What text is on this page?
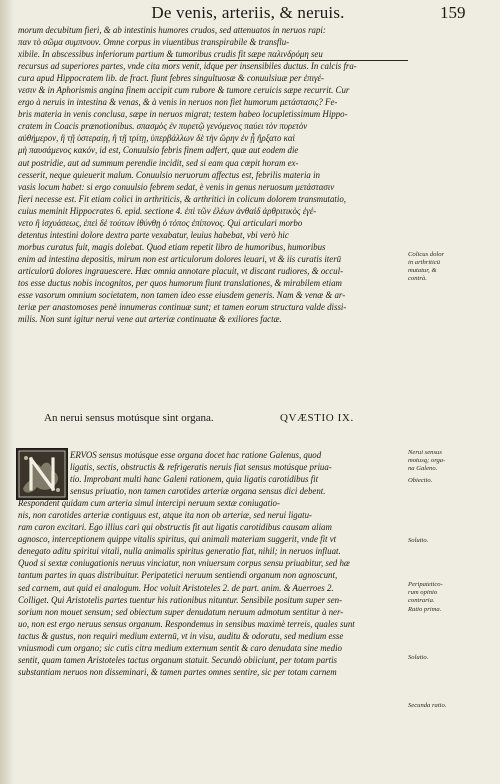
De venis, arteriis, & neruis.	159
morum decubitum fieri, & ab intestinis humores crudos, sed attenuatos in neruos rapi:
παν τὸ σῶμα συμπνουν. Omne corpus in viuentibus transpirabile & transflu-
xibile. In abscessibus inferiorum partium & tumoribus crudis fit sæpe παλινδρόμη seu
recursus ad superiores partes, vnde cita mors venit, idque per insensibiles ductus. In calcis fra-
cura apud Hippocratem lib. de fract. fiunt febres singultuosæ & conuulsiuæ per ἐπιγέ-
νεσιν & in Aphorismis angina finem accipit cum rubore & tumore ceruicis sæpe recurrit. Cur
ergo à neruis in intestina & venas, & à venis in neruos non fiet humorum μετάστασις? Fe-
bris materia in venis conclusa, sæpe in neruos migrat; testem habeo locupletissimum Hippo-
cratem in Coacis prænotionibus. σπασμὸς ἐν πυρετῷ γενόμενος παύει τὸν πυρετὸν
αὐθήμερον, ἢ τῇ ὑστεραίῃ, ἢ τῇ τρίτῃ, ὑπερβάλλων δὲ τὴν ὥρην ἐν ᾗ ἤρξατο καὶ
μὴ παυσάμενος κακόν, id est, Conuulsio febris finem adfert, quæ aut eodem die
aut postridie, aut ad summum perendie incidit, sed si eam qua cœpit horam ex-
cesserit, neque quieuerit malum. Conuulsio neruorum affectus est, febrilis materia in
vasis locum habet: si ergo conuulsio febrem sedat, è venis in genus neruosum μετάστασιν
fieri necesse est. Fit etiam colici in arthriticis, & arthritici in colicum dolorem transmutatio,
cuius meminit Hippocrates 6. epid. sectione 4. ἐπὶ τῶν ἐλέων ἀνθαἰδ ἀρθριτικὸς ἐγέ-
νετο ἢ ἰσχυάσεως, ἐπεὶ δὲ τούτων ἰθύνθῃ ὁ τόπος ἐπίπονος. Qui articulari morbo
detentus intestini dolore dextra parte vexabatur, leuius habebat, vbi verò hic
morbus curatus fuit, magis dolebat. Quod etiam repetit libro de humoribus, humoribus
enim ad intestina depositis, mirum non est articulorum dolores leuari, vt & iis curatis iterū
articulorū dolores ingrauescere. Hæc omnia annotare placuit, vt discant rudiores, & occul-
tos esse ductus nobis incognitos, per quos humorum fiunt translationes, & mirabilem etiam
esse vasorum omnium societatem, non tamen ideo esse eiusdem generis. Nam & venæ & ar-
teriæ per anastomoses penè innumeras continuæ sunt; et tamen eorum structura valde dissi-
milis. Non sunt igitur nerui vene aut arteriæ continuatæ & exiliores factæ.
An nerui sensus motúsque sint organa.	QVÆSTIO IX.
ERVOS sensus motúsque esse organa docet hac ratione Galenus, quod
ligatis, sectis, obstructis & refrigeratis neruis fiat sensus motúsque priua-
tio. Improbant multi hanc Galeni rationem, quia ligatis carotidibus fit
sensus priuatio, non tamen carotides arteriæ organa sensus dici debent.
Respondent quidam cum arteria simul intercipi neruum sextæ coniugatio-
nis, non carotides arteriæ contiguus est, atque ita non ob arteriæ, sed nerui ligatu-
ram caron excitari. Ego illius cari qui obstructis fit aut ligatis carotidibus causam aliam
agnosco, interceptionem quippe vitalis spiritus, qui animali materiam suggerit, vnde fit vt
denegato aditu spiritui vitali, nulla animalis spiritus generatio fiat, nihil; in neruos influat.
Quod si sextæ coniugationis neruus vinciatur, non vniuersum corpus sensu priuabitur, sed hæ
tantum partes in quas distribuitur. Peripatetici neruum sentiendi organum non agnoscunt,
sed carnem, aut quid ei analogum. Hoc voluit Aristoteles 2. de part. anim. & Auerroes 2.
Colliget. Qui Aristotelis partes tuentur his rationibus nituntur. Sensibile positum super sen-
sorium non mouet sensum; sed obiectum super denudatum neruum admotum sentitur à ner-
uo, non est ergo neruus sensus organum. Respondemus in sensibus maximè terreis, quales sunt
tactus & gustus, non requiri medium externū, vt in visu, auditu & odoratu, sed medium esse
vniusmodi cum organo; sic cutis citra medium externum sentit & caro denudata sine medio
sentit, quam tamen Aristoteles tactus organum statuit. Secundò obiiciunt, per totam partis
substantiam neruos non disseminari, & tamen partes omnes sentire, sic per totam carnem
Colicus dolor
in arthriticū
mutatur, &
contrà.
Nerui sensus
motusq; orga-
na Galeno.
Obiectio.
Solutio.
Peripatetico-
rum opinio
contraria.
Ratio prima.
Solutio.
Secunda ratio.
